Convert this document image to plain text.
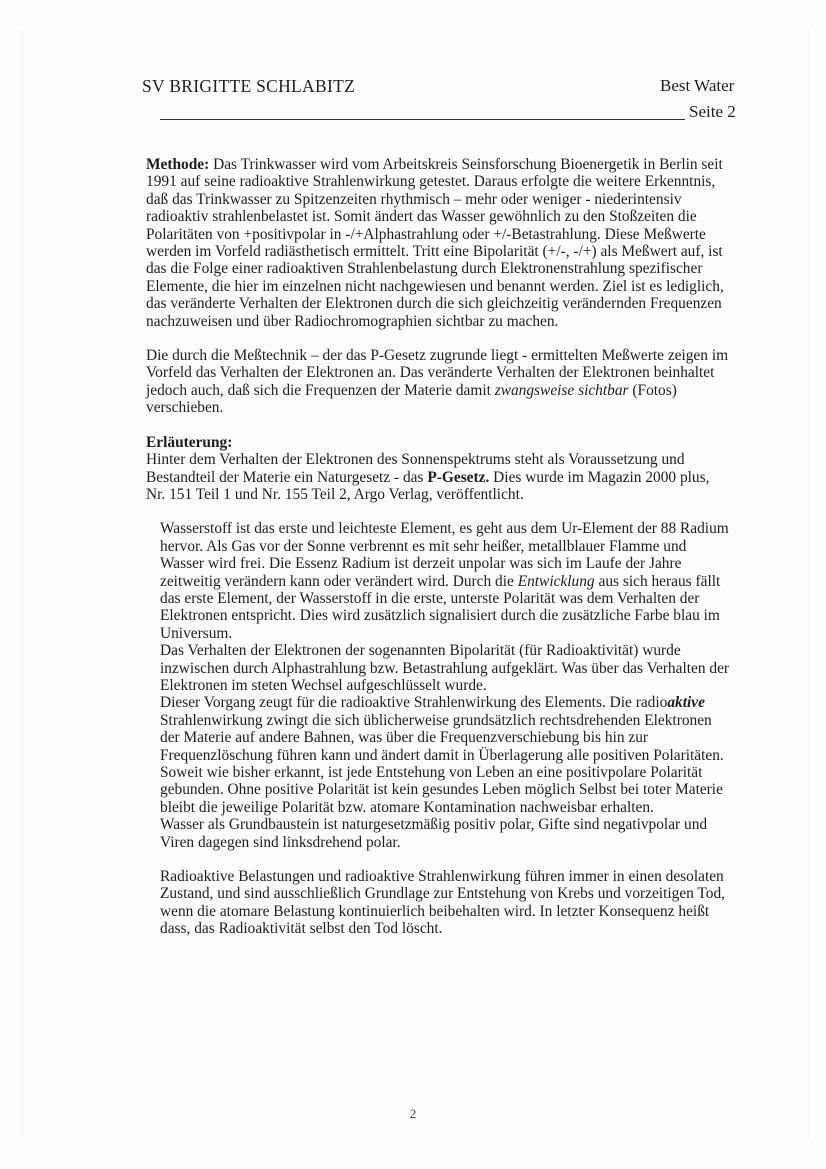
SV BRIGITTE SCHLABITZ	Best Water
Seite 2

Methode: Das Trinkwasser wird vom Arbeitskreis Seinsforschung Bioenergetik in Berlin seit 1991 auf seine radioaktive Strahlenwirkung getestet. Daraus erfolgte die weitere Erkenntnis, daß das Trinkwasser zu Spitzenzeiten rhythmisch – mehr oder weniger - niederintensiv radioaktiv strahlenbelastet ist. Somit ändert das Wasser gewöhnlich zu den Stoßzeiten die Polaritäten von +positivpolar in -/+Alphastrahlung oder +/-Betastrahlung. Diese Meßwerte werden im Vorfeld radiästhetisch ermittelt. Tritt eine Bipolarität (+/-, -/+) als Meßwert auf, ist das die Folge einer radioaktiven Strahlenbelastung durch Elektronenstrahlung spezifischer Elemente, die hier im einzelnen nicht nachgewiesen und benannt werden. Ziel ist es lediglich, das veränderte Verhalten der Elektronen durch die sich gleichzeitig verändernden Frequenzen nachzuweisen und über Radiochromographien sichtbar zu machen.

Die durch die Meßtechnik – der das P-Gesetz zugrunde liegt - ermittelten Meßwerte zeigen im Vorfeld das Verhalten der Elektronen an. Das veränderte Verhalten der Elektronen beinhaltet jedoch auch, daß sich die Frequenzen der Materie damit zwangsweise sichtbar (Fotos) verschieben.

Erläuterung:

Hinter dem Verhalten der Elektronen des Sonnenspektrums steht als Voraussetzung und Bestandteil der Materie ein Naturgesetz - das P-Gesetz. Dies wurde im Magazin 2000 plus, Nr. 151 Teil 1 und Nr. 155 Teil 2, Argo Verlag, veröffentlicht.

Wasserstoff ist das erste und leichteste Element, es geht aus dem Ur-Element der 88 Radium hervor. Als Gas vor der Sonne verbrennt es mit sehr heißer, metallblauer Flamme und Wasser wird frei. Die Essenz Radium ist derzeit unpolar was sich im Laufe der Jahre zeitweitig verändern kann oder verändert wird. Durch die Entwicklung aus sich heraus fällt das erste Element, der Wasserstoff in die erste, unterste Polarität was dem Verhalten der Elektronen entspricht. Dies wird zusätzlich signalisiert durch die zusätzliche Farbe blau im Universum.

Das Verhalten der Elektronen der sogenannten Bipolarität (für Radioaktivität) wurde inzwischen durch Alphastrahlung bzw. Betastrahlung aufgeklärt. Was über das Verhalten der Elektronen im steten Wechsel aufgeschlüsselt wurde.

Dieser Vorgang zeugt für die radioaktive Strahlenwirkung des Elements. Die radioaktive Strahlenwirkung zwingt die sich üblicherweise grundsätzlich rechtsdrehenden Elektronen der Materie auf andere Bahnen, was über die Frequenzverschiebung bis hin zur Frequenzlöschung führen kann und ändert damit in Überlagerung alle positiven Polaritäten.

Soweit wie bisher erkannt, ist jede Entstehung von Leben an eine positivpolare Polarität gebunden. Ohne positive Polarität ist kein gesundes Leben möglich Selbst bei toter Materie bleibt die jeweilige Polarität bzw. atomare Kontamination nachweisbar erhalten.

Wasser als Grundbaustein ist naturgesetzmäßig positiv polar, Gifte sind negativpolar und Viren dagegen sind linksdrehend polar.

Radioaktive Belastungen und radioaktive Strahlenwirkung führen immer in einen desolaten Zustand, und sind ausschließlich Grundlage zur Entstehung von Krebs und vorzeitigen Tod, wenn die atomare Belastung kontinuierlich beibehalten wird. In letzter Konsequenz heißt dass, das Radioaktivität selbst den Tod löscht.

2
